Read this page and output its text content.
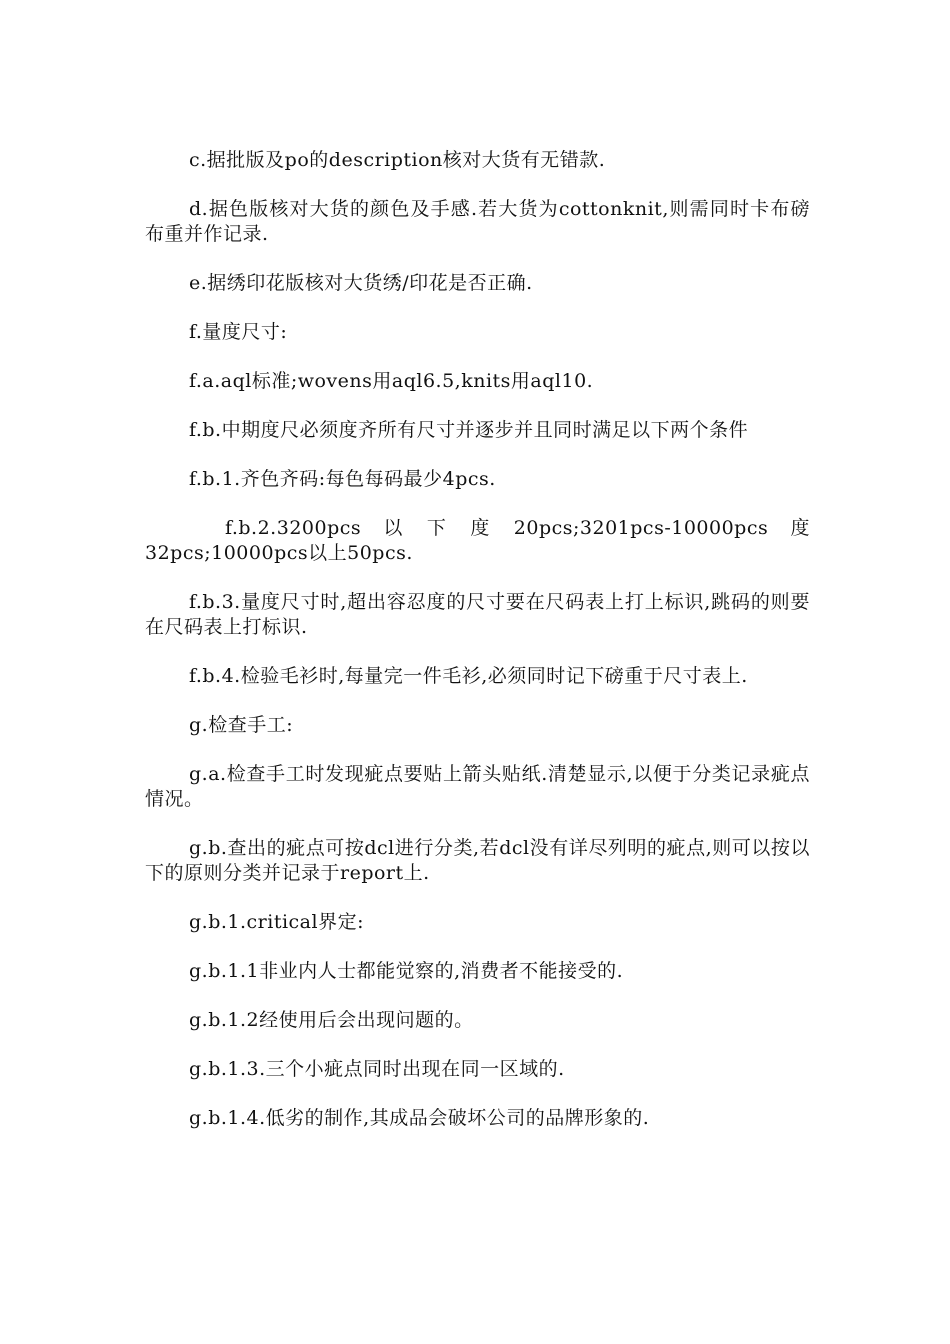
c.据批版及po的description核对大货有无错款.

d.据色版核对大货的颜色及手感.若大货为cottonknit,则需同时卡布磅布重并作记录.

e.据绣印花版核对大货绣/印花是否正确.

f.量度尺寸:

f.a.aql标准;wovens用aql6.5,knits用aql10.

f.b.中期度尺必须度齐所有尺寸并逐步并且同时满足以下两个条件

f.b.1.齐色齐码:每色每码最少4pcs.

f.b.2.3200pcs 以 下 度 20pcs;3201pcs-10000pcs 度 32pcs;10000pcs以上50pcs.

f.b.3.量度尺寸时,超出容忍度的尺寸要在尺码表上打上标识,跳码的则要在尺码表上打标识.

f.b.4.检验毛衫时,每量完一件毛衫,必须同时记下磅重于尺寸表上.

g.检查手工:

g.a.检查手工时发现疵点要贴上箭头贴纸.清楚显示,以便于分类记录疵点情况。

g.b.查出的疵点可按dcl进行分类,若dcl没有详尽列明的疵点,则可以按以下的原则分类并记录于report上.

g.b.1.critical界定:

g.b.1.1非业内人士都能觉察的,消费者不能接受的.

g.b.1.2经使用后会出现问题的。

g.b.1.3.三个小疵点同时出现在同一区域的.

g.b.1.4.低劣的制作,其成品会破坏公司的品牌形象的.
